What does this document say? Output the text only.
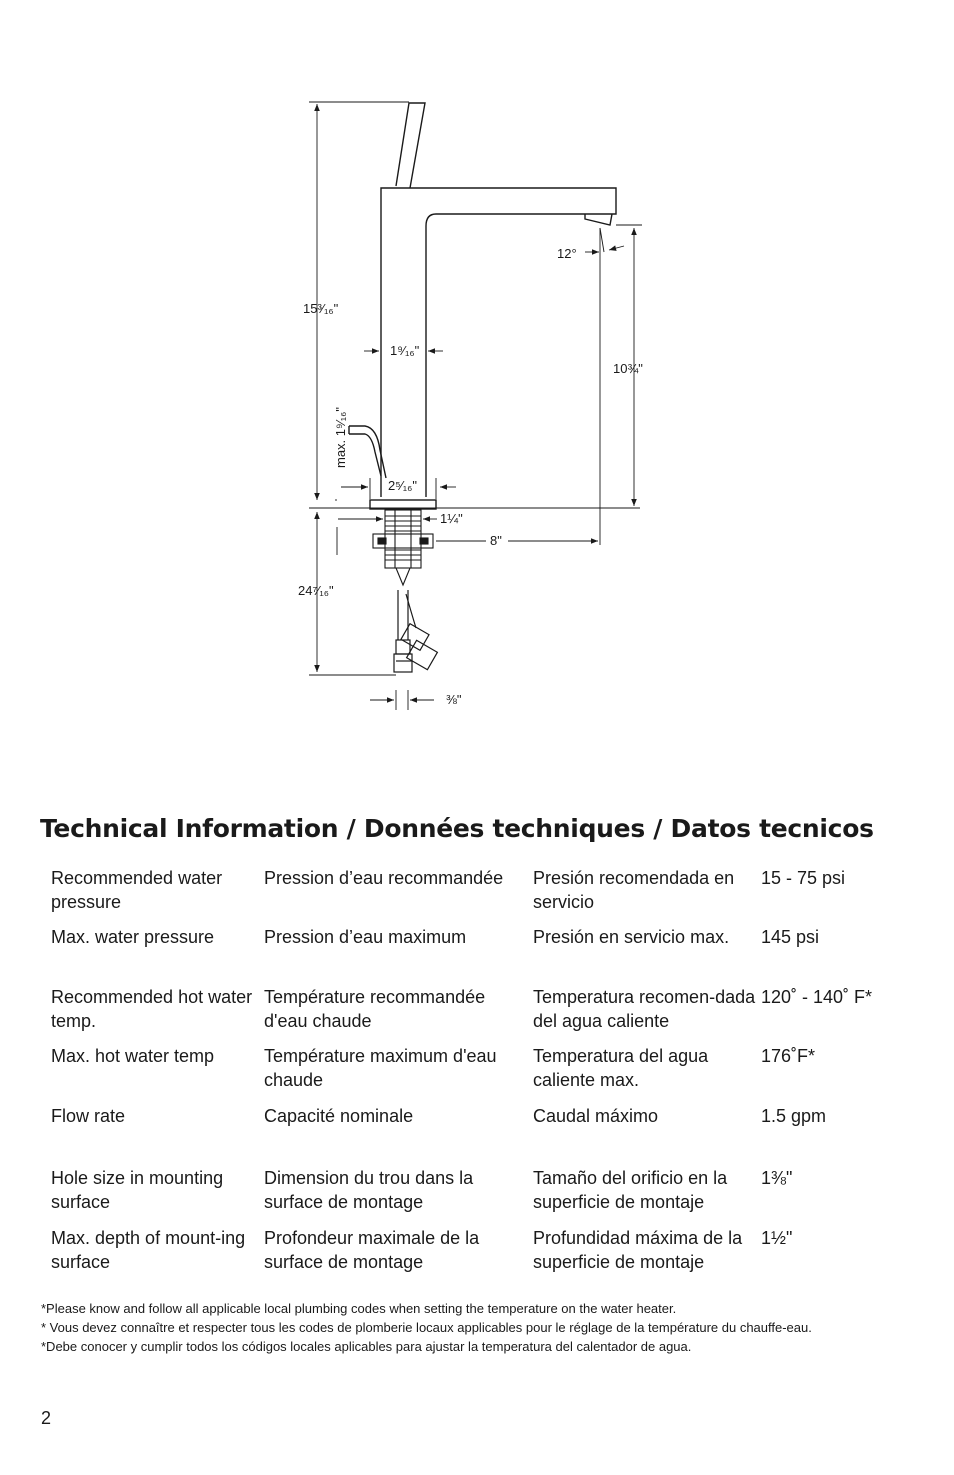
15³⁄₁₆"
12°
1⁹⁄₁₆"
10¾"
max. 1⁹⁄₁₆"
2⁵⁄₁₆"
1¼"
8"
24⁷⁄₁₆"
⅜"
Technical Information / Données techniques / Datos tecnicos
Recommended water pressure	Pression d’eau recommandée	Presión recomendada en servicio	15 - 75 psi
Max. water pressure	Pression d’eau maximum	Presión en servicio max.	145 psi
Recommended hot water temp.	Température recommandée d'eau chaude	Temperatura recomen-dada del agua caliente	120˚ - 140˚ F*
Max. hot water temp	Température maximum d'eau chaude	Temperatura del agua caliente max.	176˚F*
Flow rate	Capacité nominale	Caudal máximo	1.5 gpm
Hole size in mounting surface	Dimension du trou dans la surface de montage	Tamaño del orificio en la superficie de montaje	1⅜"
Max. depth of mount-ing surface	Profondeur maximale de la surface de montage	Profundidad máxima de la superficie de montaje	1½"

*Please know and follow all applicable local plumbing codes when setting the temperature on the water heater.

* Vous devez connaître et respecter tous les codes de plomberie locaux applicables pour le réglage de la température du chauffe-eau.

*Debe conocer y cumplir todos los códigos locales aplicables para ajustar la temperatura del calentador de agua.

2
